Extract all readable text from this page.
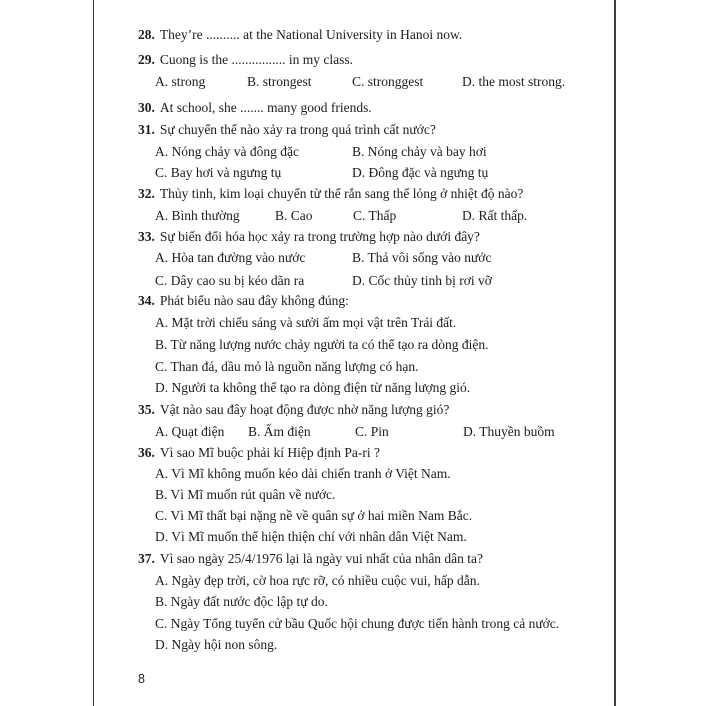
28. They’re .......... at the National University in Hanoi now.
29. Cuong is the ................ in my class.
A. strong	B. strongest	C. stronggest	D. the most strong.
30. At school, she ....... many good friends.
31. Sự chuyển thể nào xảy ra trong quá trình cất nước?
A. Nóng chảy và đông đặc	B. Nóng chảy và bay hơi
C. Bay hơi và ngưng tụ	D. Đông đặc và ngưng tụ
32. Thủy tinh, kim loại chuyển từ thể rắn sang thể lỏng ở nhiệt độ nào?
A. Bình thường	B. Cao	C. Thấp	D. Rất thấp.
33. Sự biến đổi hóa học xảy ra trong trường hợp nào dưới đây?
A. Hòa tan đường vào nước	B. Thả vôi sống vào nước
C. Dây cao su bị kéo dãn ra	D. Cốc thủy tinh bị rơi vỡ
34. Phát biểu nào sau đây không đúng:
A. Mặt trời chiếu sáng và sưởi ấm mọi vật trên Trái đất.
B. Từ năng lượng nước chảy người ta có thể tạo ra dòng điện.
C. Than đá, dầu mỏ là nguồn năng lượng có hạn.
D. Người ta không thể tạo ra dòng điện từ năng lượng gió.
35. Vật nào sau đây hoạt động được nhờ năng lượng gió?
A. Quạt điện B. Ấm điện	C. Pin	D. Thuyền buồm
36. Vì sao Mĩ buộc phải kí Hiệp định Pa-ri ?
A. Vì Mĩ không muốn kéo dài chiến tranh ở Việt Nam.
B. Vì Mĩ muốn rút quân về nước.
C. Vì Mĩ thất bại nặng nề về quân sự ở hai miền Nam Bắc.
D. Vì Mĩ muốn thể hiện thiện chí với nhân dân Việt Nam.
37. Vì sao ngày 25/4/1976 lại là ngày vui nhất của nhân dân ta?
A. Ngày đẹp trời, cờ hoa rực rỡ, có nhiều cuộc vui, hấp dẫn.
B. Ngày đất nước độc lập tự do.
C. Ngày Tổng tuyển cử bầu Quốc hội chung được tiến hành trong cả nước.
D. Ngày hội non sông.
8
